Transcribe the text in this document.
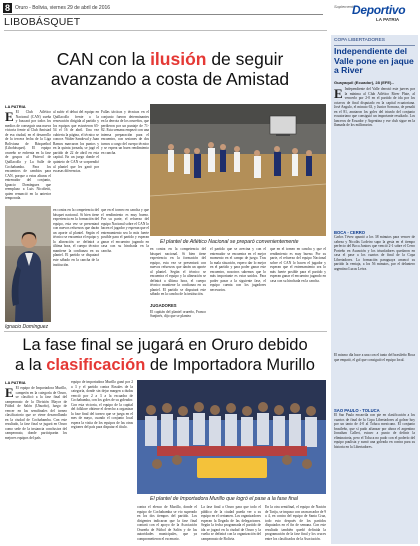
8	Oruro - Bolivia, viernes 29 de abril de 2016	Suplemento
Deportivo
LA PATRIA
LIBOBÁSQUET
CAN con la ilusión de seguir
avanzando a costa de Amistad
LA PATRIA
E El Club Atlético Nacional (CAN) sueña y buscará por todos los medios de conseguir una nueva victoria frente al Club Amistad de esa ciudad, en el desarrollo de la tercera fecha de la Liga Boliviana de Básquetbol (Libobásquet). El equipo orureño se enfrenta en la fase de grupos al Pisterol de Quillacollo y La Salle de Cochabamba. Para los encuentros de cambios para CAN, porque a estas alturas el entrenador del conjunto, Ignacio Domínguez que reemplazo a Luis Nicolietti, quien renunció en la anterior temporada.
al sufrir el debut del equipo en Quillacollo frente a la renovación dirigida al partido y los equipos que estuvieron 65-54 el 16 de abril. Una vez cubierta la página, el técnico se conoce. Walter Sandoval y Juan Ramos marcaron los puntos y en la quinta jornada, se jugó el partido de 22 de abril en esta capital. En un juego donde el quinteto de CAN se sorprendió al plantel que les ganó por escasas diferencias.
Fallas tácticas y técnicas en el conjunto fueron determinantes en la derrota de los orureños, que perdieron por un puntaje de 71-82. Esta semana empezó con una intensa preparación para el encuentro, con sesiones de dos turnos a cargo del cuerpo técnico y se espera un buen rendimiento en cancha.
Ignacio Domínguez
en contra en la competencia del básquet nacional. Si bien tiene experiencia en la formación del equipo, esta vez se presentará con nuevos refuerzos que darán un aporte al plantel. Según el técnico se encuentra el equipo y la alineación se definirá a última hora, el cuerpo técnico mantiene la confianza en su plantel. El partido se disputará este sábado en la cancha de la institución.
que en el torneo en cancha y que el rendimiento es muy bueno. Por su parte, el refuerzo del equipo Nacional sobre el CAN lo hacen el jugador y esperan que el entrenamiento sea lo más fuerte posible para el partido y esperan ganar el encuentro jugando en casa con su hinchada en la cancha.
El plantel de Atlético Nacional se preparó convenientemente
en contra en la competencia del básquet nacional. Si bien tiene experiencia en la formación del equipo, esta vez se presentará con nuevos refuerzos que darán un aporte al plantel. Según el técnico se encuentra el equipo y la alineación se definirá a última hora, el cuerpo técnico mantiene la confianza en su plantel. El partido se disputará este sábado en la cancha de la institución.
JUGADORES
El capitán del plantel orureño, Franco Sanjinés, dijo que se plantea
el partido que se avecina y con el entrenador se encuentra en el mejor momento en el campo de juego. Tras la mala situación, espero dar lo mejor en el partido y para poder ganar este encuentro, nosotros sabemos que lo más importante es estar unidos. Para poder pasar a la siguiente fase, el equipo cuenta con los jugadores necesarios.
que en el torneo en cancha y que el rendimiento es muy bueno. Por su parte, el refuerzo del equipo Nacional sobre el CAN lo hacen el jugador y esperan que el entrenamiento sea lo más fuerte posible para el partido y esperan ganar el encuentro jugando en casa con su hinchada en la cancha.
La fase final se jugará en Oruro debido
a la clasificación de Importadora Murillo
LA PATRIA
E El equipo de Importadora Murillo, campeón en la categoría de Oruro, se clasificó a la fase final del campeonato de la División Mayor de Fútbol de Salón (Ubuoño), luego de vencer en las semifinales del torneo clasificatorio que se viene desarrollando en la ciudad de Cochabamba. Con este resultado, la fase final se jugará en Oruro como sede de la instancia conclusiva del campeonato, donde participarán los mejores equipos del país.
equipo de importadora Murillo ganó por 2 a 3 y el partido contra Rosales de la categoría, donde sin dejar margen a dudas venció por 2 a 3 a la escuadra de Cochabamba, con los goles de su goleador. Con esta victoria, el equipo de la capital del folklore obtiene el derecho a organizar la fase final del torneo que se juega en el mes de mayo, cuando el conjunto local espera la visita de los equipos de las otras regiones del país para disputar el título.
El plantel de Importadora Murillo que logró el pase a la fase final
contra el elenco de Murillo, donde el equipo de Cochabamba se vio superado en los dos tiempos del partido. Los dirigentes indicaron que la fase final contará con el apoyo de la Asociación Orureña de Fútbol de Salón y de las autoridades municipales, que ya comprometieron el escenario.
La fase final a Oruro para que todo el público de la ciudad pueda ver a su equipo en el certamen. Los organizadores esperan la llegada de las delegaciones. Según la fecha programada el partido de ida se jugará en la ciudad de Oruro y la vuelta se definirá con la organización del campeonato de Bolivia.
En la otra semifinal, el equipo de Nación de Tarija, se impuso con un marcador de 9 a 4, en contra del equipo de Santa Cruz, todo esto después de los partidos disputados en el fin de semana. Con este resultado también quedó definida la programación de la fase final y los cruces entre los clasificados de la Asociación.
COPA LIBERTADORES
Independiente del Valle pone en jaque a River
Guayaquil (Ecuador), 28 (EFE).-
E Independiente del Valle derrotó este jueves por la mínima al Club Atlético River Plate, al vencerlo por 2-0 en el partido de ida por los octavos de final disputado en la capital ecuatoriana. José Angulo, el minuto 63, y Junior Sornoza, de penalti en el 81, anotaron los goles del triunfo del conjunto ecuatoriano que consiguió un importante resultado. Los lanceros de Ecuador y Argentina y ese club sigue en la llamada de los millonarios.
BOCA - CERRO
Carlos Tévez apuntó a los 38 minutos para vencer de cabeza y Nicolás Lodeiro supo la gesta en el tiempo perfecto del Boca Juniors que venció 2-1 sobre el Cerro Porteño en Asunción y los triunfadores quedaron en casa el pase a los cuartos de final de la Copa Libertadores. La formación paraguaya arrancó su partido la ventaja, a los 56 minutos, por el delantero argentino Lucas Leiva.
El mismo día hace a una con el tanto del brasileño Boca que empató, el gol que consiguió el equipo local.
SAO PAULO - TOLUCA
El Sao Paulo encarrila con pie en clasificación a los cuartos de final de la Copa Libertadores al golear hoy por un tanto de 4-0 al Toluca mexicano. El conjunto brasileño, que sí pudo afianzar por ahora el argentino Jonathan Calleri, estuvo a punto de definir la eliminatoria, pero el Toluca no pudo con el poderío del equipo paulista y sumó una goleada en contra para su historia en la Libertadores.
